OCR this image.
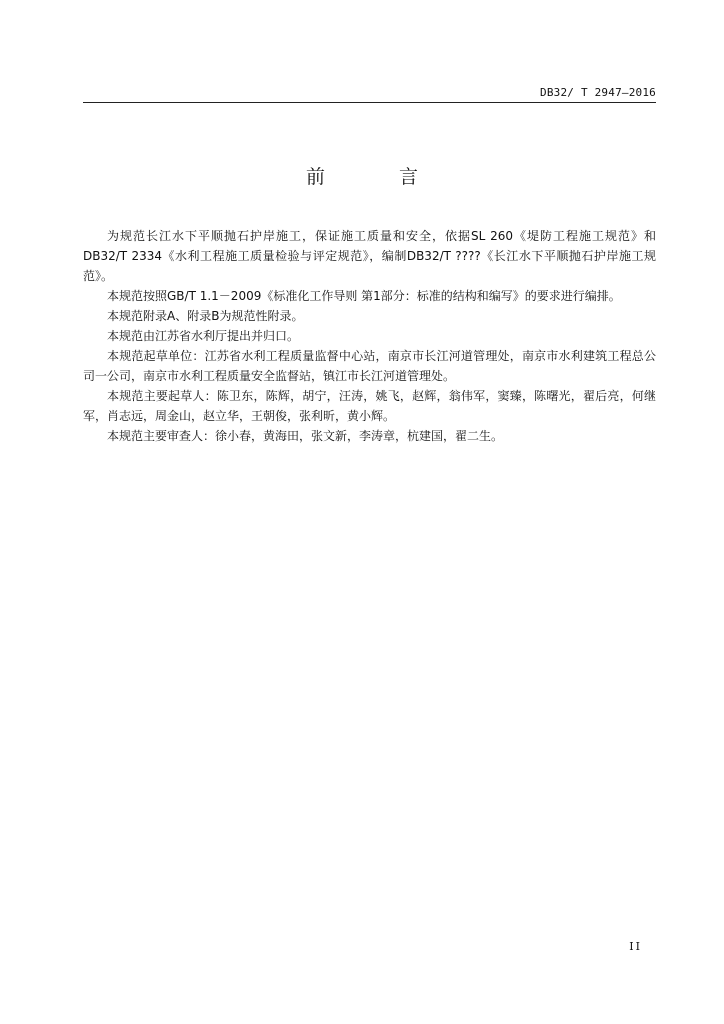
DB32/ T 2947—2016
前 言

为规范长江水下平顺抛石护岸施工，保证施工质量和安全，依据SL 260《堤防工程施工规范》和DB32/T 2334《水利工程施工质量检验与评定规范》，编制DB32/T ????《长江水下平顺抛石护岸施工规范》。

本规范按照GB/T 1.1－2009《标准化工作导则 第1部分：标准的结构和编写》的要求进行编排。

本规范附录A、附录B为规范性附录。

本规范由江苏省水利厅提出并归口。

本规范起草单位：江苏省水利工程质量监督中心站，南京市长江河道管理处，南京市水利建筑工程总公司一公司，南京市水利工程质量安全监督站，镇江市长江河道管理处。

本规范主要起草人：陈卫东，陈辉，胡宁，汪涛，姚飞，赵辉，翁伟军，窦臻，陈曙光，翟后亮，何继军，肖志远，周金山，赵立华，王朝俊，张利昕，黄小辉。

本规范主要审查人：徐小春，黄海田，张文新，李涛章，杭建国，翟二生。

II
